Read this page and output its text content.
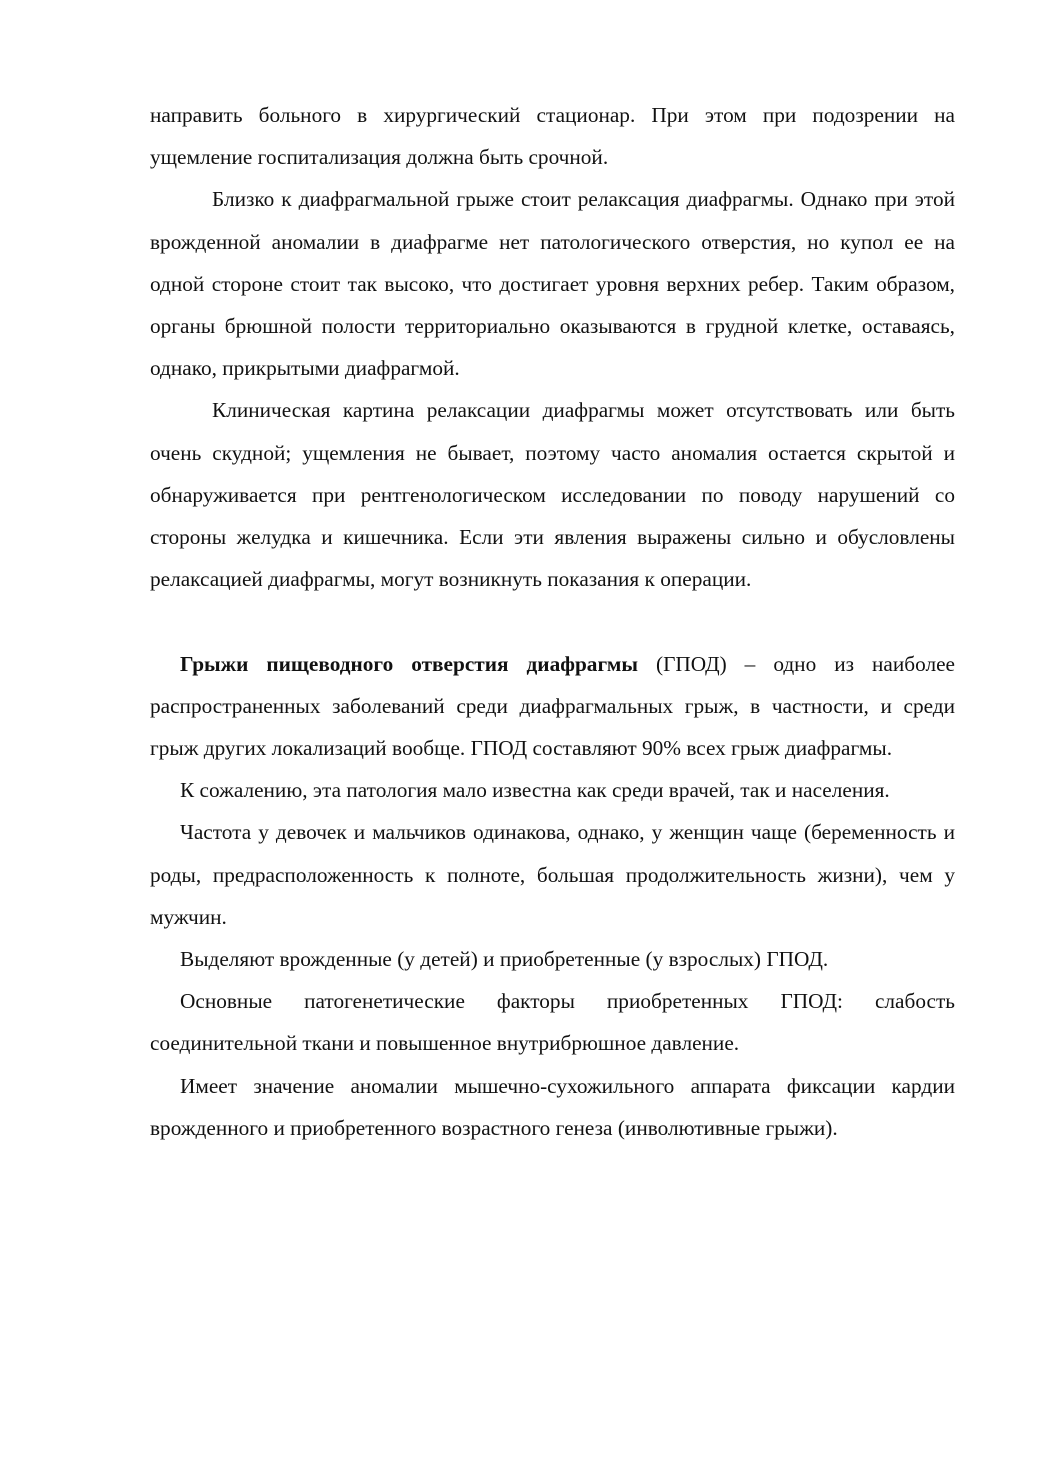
направить больного в хирургический стационар. При этом при подозрении на ущемление госпитализация должна быть срочной.

Близко к диафрагмальной грыже стоит релаксация диафрагмы. Однако при этой врожденной аномалии в диафрагме нет патологического отверстия, но купол ее на одной стороне стоит так высоко, что достигает уровня верхних ребер. Таким образом, органы брюшной полости территориально оказываются в грудной клетке, оставаясь, однако, прикрытыми диафрагмой.

Клиническая картина релаксации диафрагмы может отсутствовать или быть очень скудной; ущемления не бывает, поэтому часто аномалия остается скрытой и обнаруживается при рентгенологическом исследовании по поводу нарушений со стороны желудка и кишечника. Если эти явления выражены сильно и обусловлены релаксацией диафрагмы, могут возникнуть показания к операции.

Грыжи пищеводного отверстия диафрагмы (ГПОД) – одно из наиболее распространенных заболеваний среди диафрагмальных грыж, в частности, и среди грыж других локализаций вообще. ГПОД составляют 90% всех грыж диафрагмы.

К сожалению, эта патология мало известна как среди врачей, так и населения.

Частота у девочек и мальчиков одинакова, однако, у женщин чаще (беременность и роды, предрасположенность к полноте, большая продолжительность жизни), чем у мужчин.

Выделяют врожденные (у детей) и приобретенные (у взрослых) ГПОД.

Основные патогенетические факторы приобретенных ГПОД: слабость соединительной ткани и повышенное внутрибрюшное давление.

Имеет значение аномалии мышечно-сухожильного аппарата фиксации кардии врожденного и приобретенного возрастного генеза (инволютивные грыжи).
